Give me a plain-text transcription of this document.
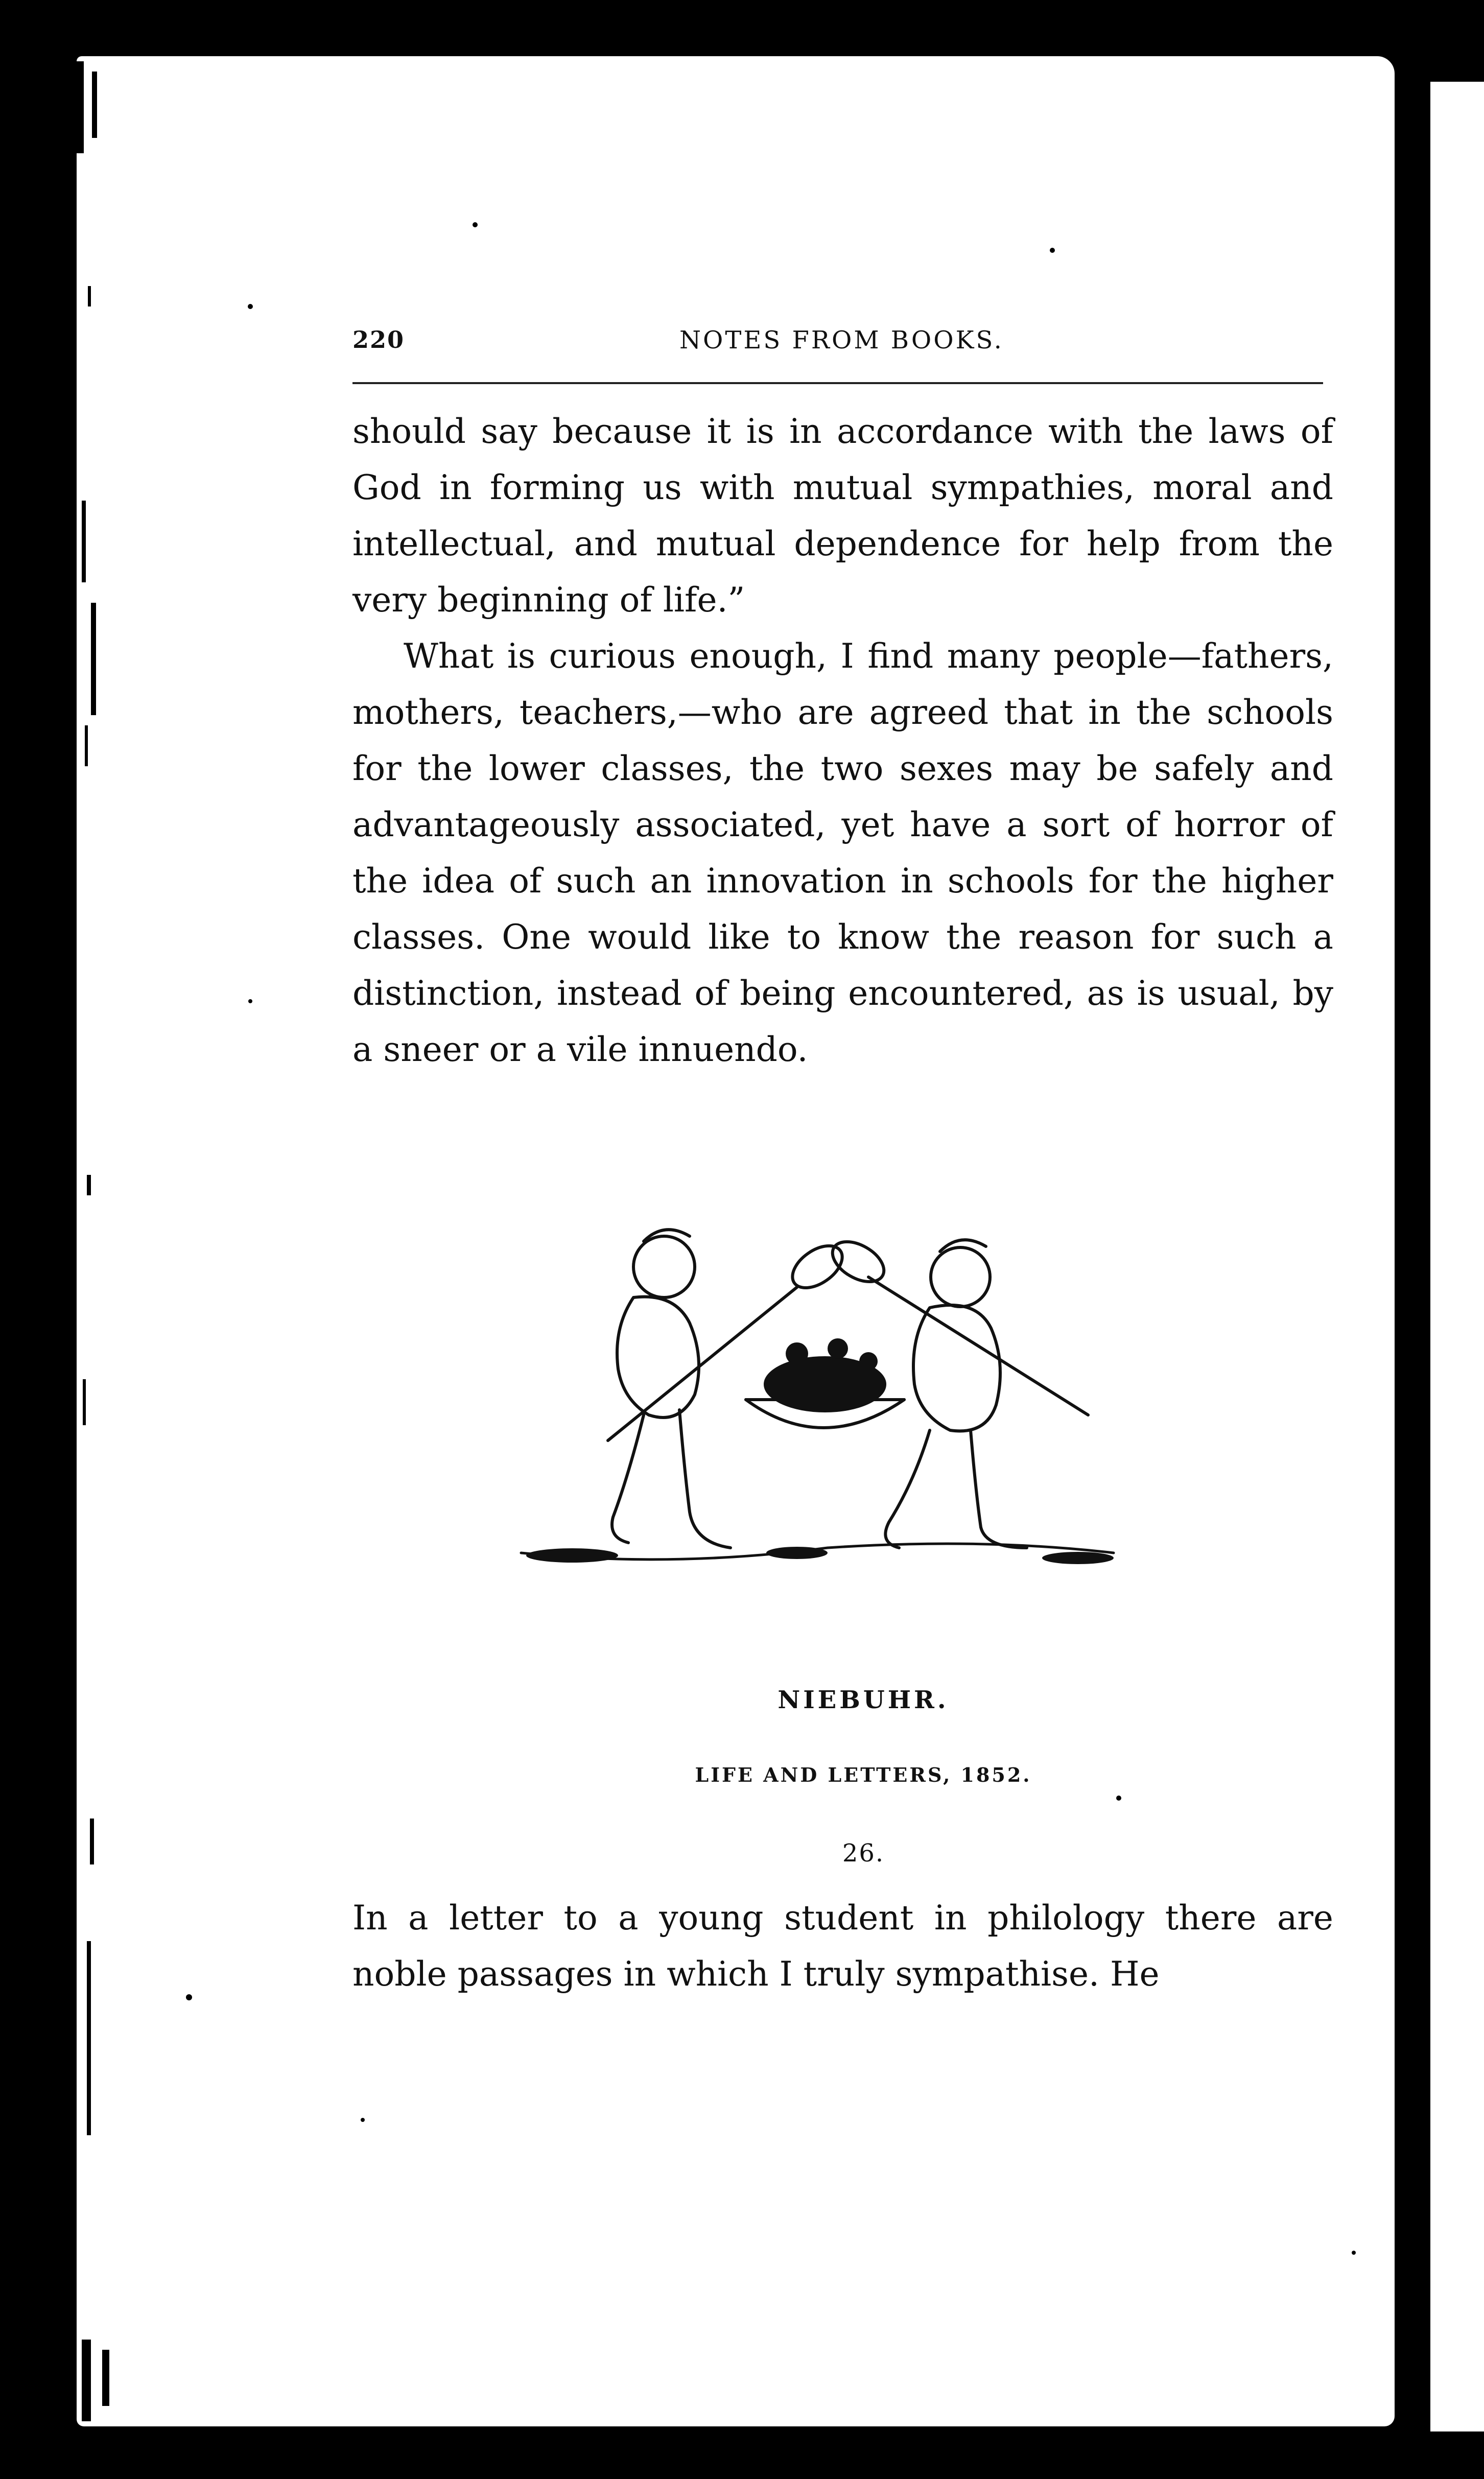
220	NOTES FROM BOOKS.

should say because it is in accordance with the laws of God in forming us with mutual sympathies, moral and intellectual, and mutual dependence for help from the very beginning of life.”

What is curious enough, I find many people—fathers, mothers, teachers,—who are agreed that in the schools for the lower classes, the two sexes may be safely and advantageously associated, yet have a sort of horror of the idea of such an innovation in schools for the higher classes. One would like to know the reason for such a distinction, instead of being encountered, as is usual, by a sneer or a vile innuendo.

NIEBUHR.
LIFE AND LETTERS, 1852.
26.

In a letter to a young student in philology there are noble passages in which I truly sympathise. He
